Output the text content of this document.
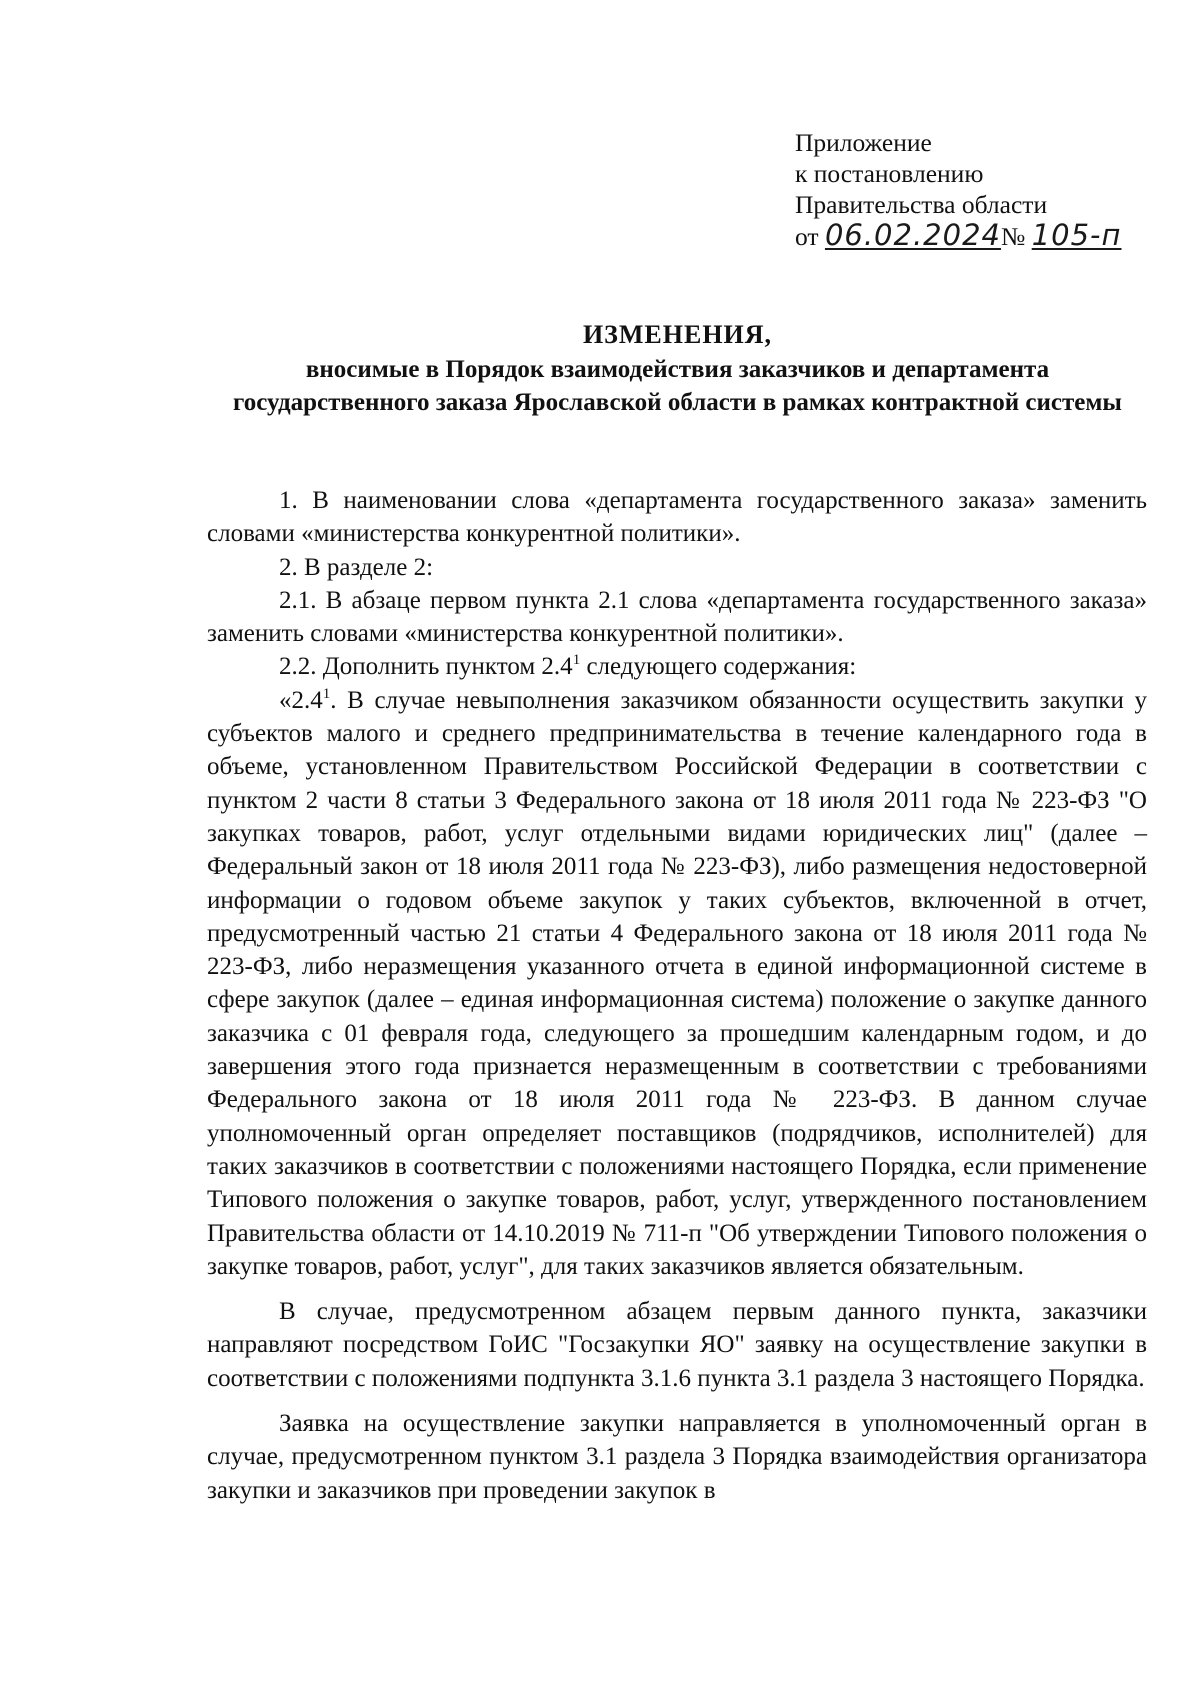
Приложение
к постановлению
Правительства области
от 06.02.2024№ 105-п
ИЗМЕНЕНИЯ,
вносимые в Порядок взаимодействия заказчиков и департамента государственного заказа Ярославской области в рамках контрактной системы

1. В наименовании слова «департамента государственного заказа» заменить словами «министерства конкурентной политики».

2. В разделе 2:

2.1. В абзаце первом пункта 2.1 слова «департамента государственного заказа» заменить словами «министерства конкурентной политики».

2.2. Дополнить пунктом $2.4^1$ следующего содержания:

«$2.4^1$. В случае невыполнения заказчиком обязанности осуществить закупки у субъектов малого и среднего предпринимательства в течение календарного года в объеме, установленном Правительством Российской Федерации в соответствии с пунктом 2 части 8 статьи 3 Федерального закона от 18 июля 2011 года № 223-ФЗ "О закупках товаров, работ, услуг отдельными видами юридических лиц" (далее – Федеральный закон от 18 июля 2011 года № 223-ФЗ), либо размещения недостоверной информации о годовом объеме закупок у таких субъектов, включенной в отчет, предусмотренный частью 21 статьи 4 Федерального закона от 18 июля 2011 года № 223-ФЗ, либо неразмещения указанного отчета в единой информационной системе в сфере закупок (далее – единая информационная система) положение о закупке данного заказчика с 01 февраля года, следующего за прошедшим календарным годом, и до завершения этого года признается неразмещенным в соответствии с требованиями Федерального закона от 18 июля 2011 года № 223-ФЗ. В данном случае уполномоченный орган определяет поставщиков (подрядчиков, исполнителей) для таких заказчиков в соответствии с положениями настоящего Порядка, если применение Типового положения о закупке товаров, работ, услуг, утвержденного постановлением Правительства области от 14.10.2019 № 711-п "Об утверждении Типового положения о закупке товаров, работ, услуг", для таких заказчиков является обязательным.

В случае, предусмотренном абзацем первым данного пункта, заказчики направляют посредством ГоИС "Госзакупки ЯО" заявку на осуществление закупки в соответствии с положениями подпункта 3.1.6 пункта 3.1 раздела 3 настоящего Порядка.

Заявка на осуществление закупки направляется в уполномоченный орган в случае, предусмотренном пунктом 3.1 раздела 3 Порядка взаимодействия организатора закупки и заказчиков при проведении закупок в
